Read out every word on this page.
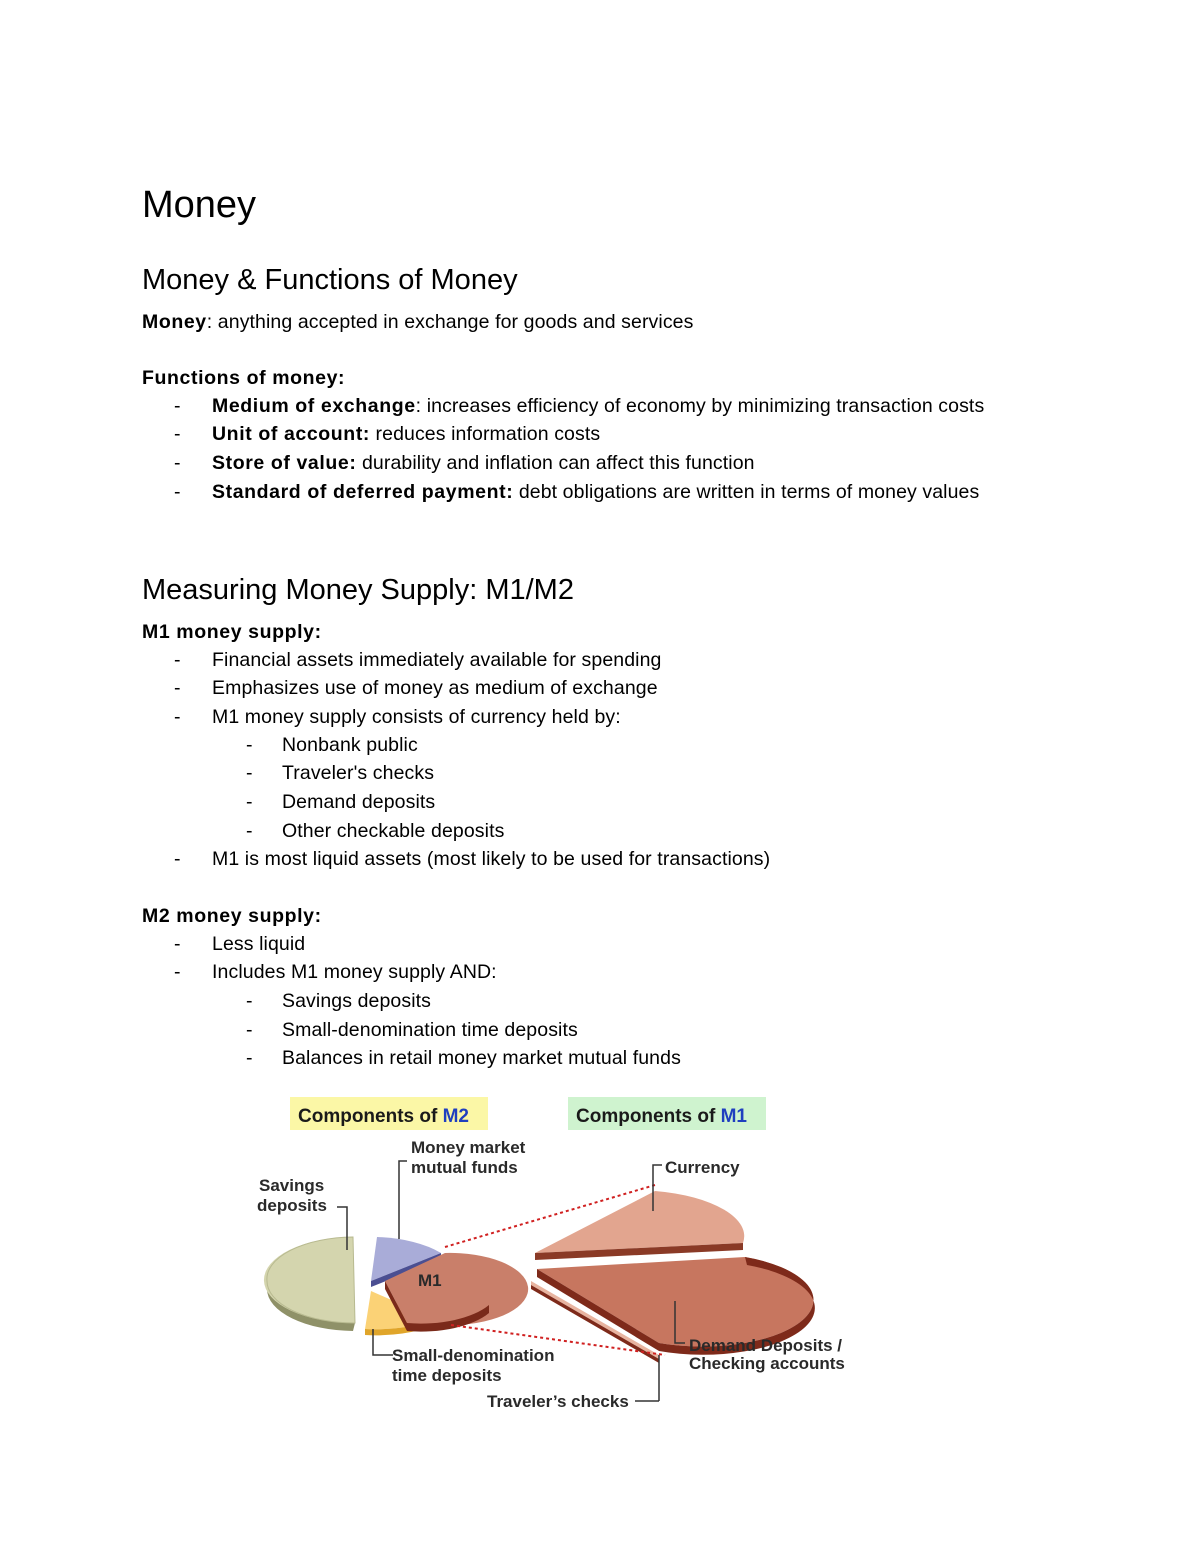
Money
Money & Functions of Money
Money: anything accepted in exchange for goods and services
Functions of money:
- Medium of exchange: increases efficiency of economy by minimizing transaction costs
- Unit of account: reduces information costs
- Store of value: durability and inflation can affect this function
- Standard of deferred payment: debt obligations are written in terms of money values
Measuring Money Supply: M1/M2
M1 money supply:
- Financial assets immediately available for spending
- Emphasizes use of money as medium of exchange
- M1 money supply consists of currency held by:
- Nonbank public
- Traveler's checks
- Demand deposits
- Other checkable deposits
- M1 is most liquid assets (most likely to be used for transactions)
M2 money supply:
- Less liquid
- Includes M1 money supply AND:
- Savings deposits
- Small-denomination time deposits
- Balances in retail money market mutual funds
Components of M2	Components of M1
M1
Savings
deposits
Money market
mutual funds
Small-denomination
time deposits
Currency
Demand Deposits /
Checking accounts
Traveler’s checks
